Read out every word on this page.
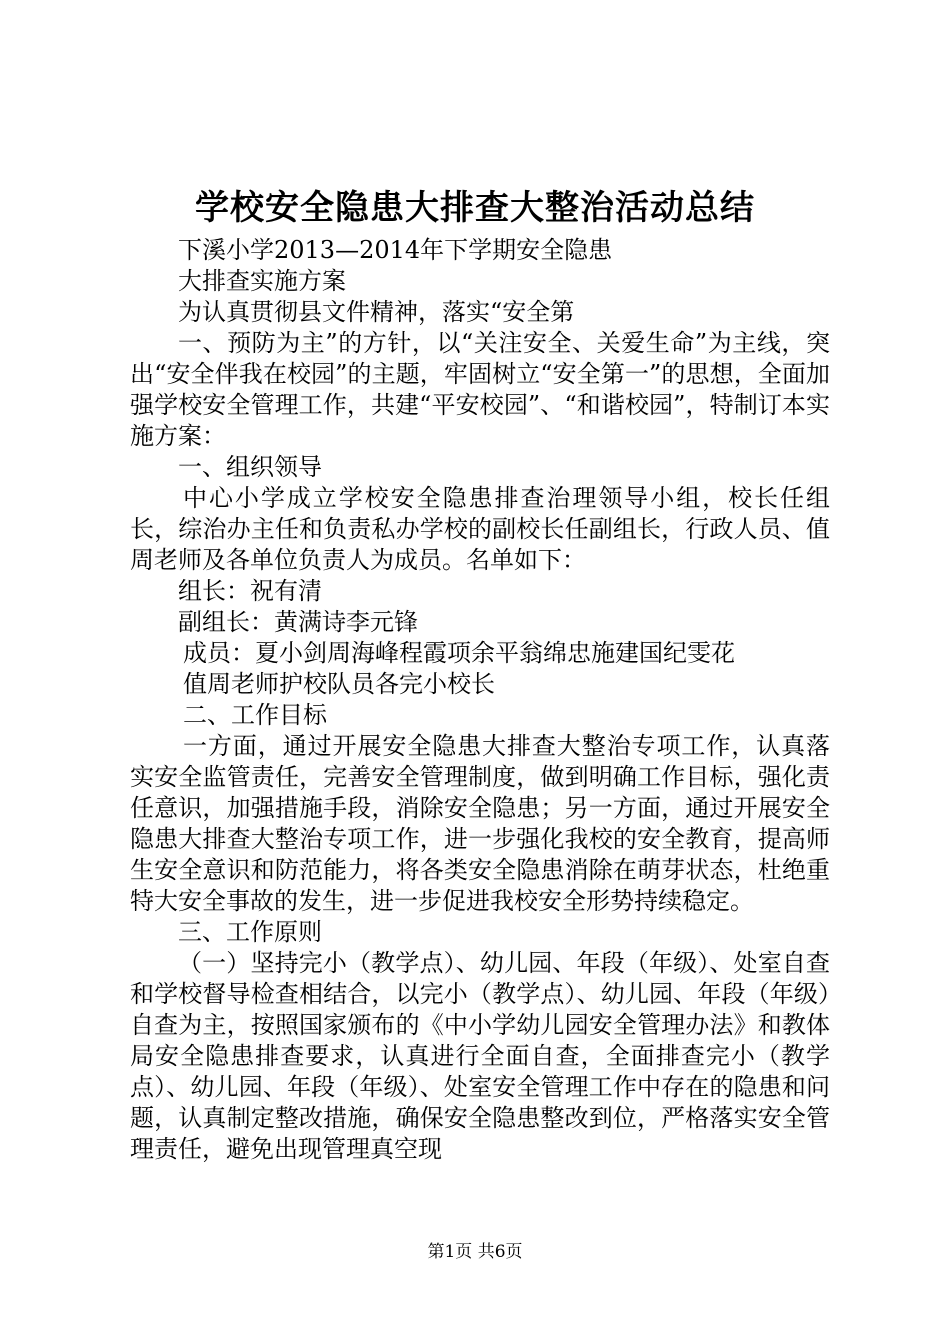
学校安全隐患大排查大整治活动总结

下溪小学2013—2014年下学期安全隐患

大排查实施方案

为认真贯彻县文件精神，落实“安全第

一、预防为主”的方针，以“关注安全、关爱生命”为主线，突出“安全伴我在校园”的主题，牢固树立“安全第一”的思想，全面加强学校安全管理工作，共建“平安校园”、“和谐校园”，特制订本实施方案：

一、组织领导

中心小学成立学校安全隐患排查治理领导小组，校长任组长，综治办主任和负责私办学校的副校长任副组长，行政人员、值周老师及各单位负责人为成员。名单如下：

组长：祝有清

副组长：黄满诗李元锋

成员：夏小剑周海峰程霞项余平翁绵忠施建国纪雯花

值周老师护校队员各完小校长

二、工作目标

一方面，通过开展安全隐患大排查大整治专项工作，认真落实安全监管责任，完善安全管理制度，做到明确工作目标，强化责任意识，加强措施手段，消除安全隐患；另一方面，通过开展安全隐患大排查大整治专项工作，进一步强化我校的安全教育，提高师生安全意识和防范能力，将各类安全隐患消除在萌芽状态，杜绝重特大安全事故的发生，进一步促进我校安全形势持续稳定。

三、工作原则

（一）坚持完小（教学点）、幼儿园、年段（年级）、处室自查和学校督导检查相结合，以完小（教学点）、幼儿园、年段（年级）自查为主，按照国家颁布的《中小学幼儿园安全管理办法》和教体局安全隐患排查要求，认真进行全面自查，全面排查完小（教学点）、幼儿园、年段（年级）、处室安全管理工作中存在的隐患和问题，认真制定整改措施，确保安全隐患整改到位，严格落实安全管理责任，避免出现管理真空现

第1页 共6页
